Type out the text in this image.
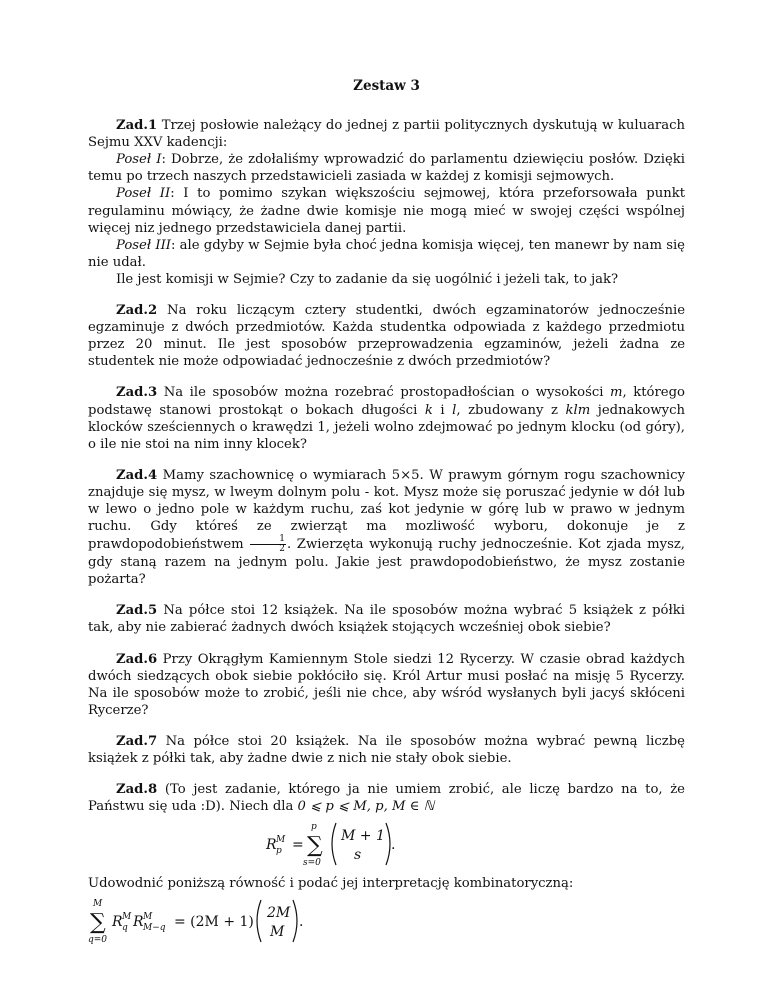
Zestaw 3

Zad.1 Trzej posłowie należący do jednej z partii politycznych dyskutują w kuluarach Sejmu XXV kadencji:

Poseł I: Dobrze, że zdołaliśmy wprowadzić do parlamentu dziewięciu posłów. Dzięki temu po trzech naszych przedstawicieli zasiada w każdej z komisji sejmowych.

Poseł II: I to pomimo szykan większościu sejmowej, która przeforsowała punkt regulaminu mówiący, że żadne dwie komisje nie mogą mieć w swojej części wspólnej więcej niz jednego przedstawiciela danej partii.

Poseł III: ale gdyby w Sejmie była choć jedna komisja więcej, ten manewr by nam się nie udał.

Ile jest komisji w Sejmie? Czy to zadanie da się uogólnić i jeżeli tak, to jak?

Zad.2 Na roku liczącym cztery studentki, dwóch egzaminatorów jednocześnie egzaminuje z dwóch przedmiotów. Każda studentka odpowiada z każdego przedmiotu przez 20 minut. Ile jest sposobów przeprowadzenia egzaminów, jeżeli żadna ze studentek nie może odpowiadać jednocześnie z dwóch przedmiotów?

Zad.3 Na ile sposobów można rozebrać prostopadłościan o wysokości m, którego podstawę stanowi prostokąt o bokach długości k i l, zbudowany z klm jednakowych klocków sześciennych o krawędzi 1, jeżeli wolno zdejmować po jednym klocku (od góry), o ile nie stoi na nim inny klocek?

Zad.4 Mamy szachownicę o wymiarach 5×5. W prawym górnym rogu szachownicy znajduje się mysz, w lweym dolnym polu - kot. Mysz może się poruszać jedynie w dół lub w lewo o jedno pole w każdym ruchu, zaś kot jedynie w górę lub w prawo w jednym ruchu. Gdy któreś ze zwierząt ma mozliwość wyboru, dokonuje je z prawdopodobieństwem $\frac{1}{2}$ . Zwierzęta wykonują ruchy jednocześnie. Kot zjada mysz, gdy staną razem na jednym polu. Jakie jest prawdopodobieństwo, że mysz zostanie pożarta?

Zad.5 Na półce stoi 12 książek. Na ile sposobów można wybrać 5 książek z półki tak, aby nie zabierać żadnych dwóch książek stojących wcześniej obok siebie?

Zad.6 Przy Okrągłym Kamiennym Stole siedzi 12 Rycerzy. W czasie obrad każdych dwóch siedzących obok siebie pokłóciło się. Król Artur musi posłać na misję 5 Rycerzy. Na ile sposobów może to zrobić, jeśli nie chce, aby wśród wysłanych byli jacyś skłóceni Rycerze?

Zad.7 Na półce stoi 20 książek. Na ile sposobów można wybrać pewną liczbę książek z półki tak, aby żadne dwie z nich nie stały obok siebie.

Zad.8 (To jest zadanie, którego ja nie umiem zrobić, ale liczę bardzo na to, że Państwu się uda :D). Niech dla 0 ⩽ p ⩽ M, p, M ∈ ℕ

R M
p =
p
∑
s=0
M + 1
s
.

Udowodnić poniższą równość i podać jej interpretację kombinatoryczną:

M
∑
q=0
R M
q R M
M−q = (2M + 1)
2M
M
.
